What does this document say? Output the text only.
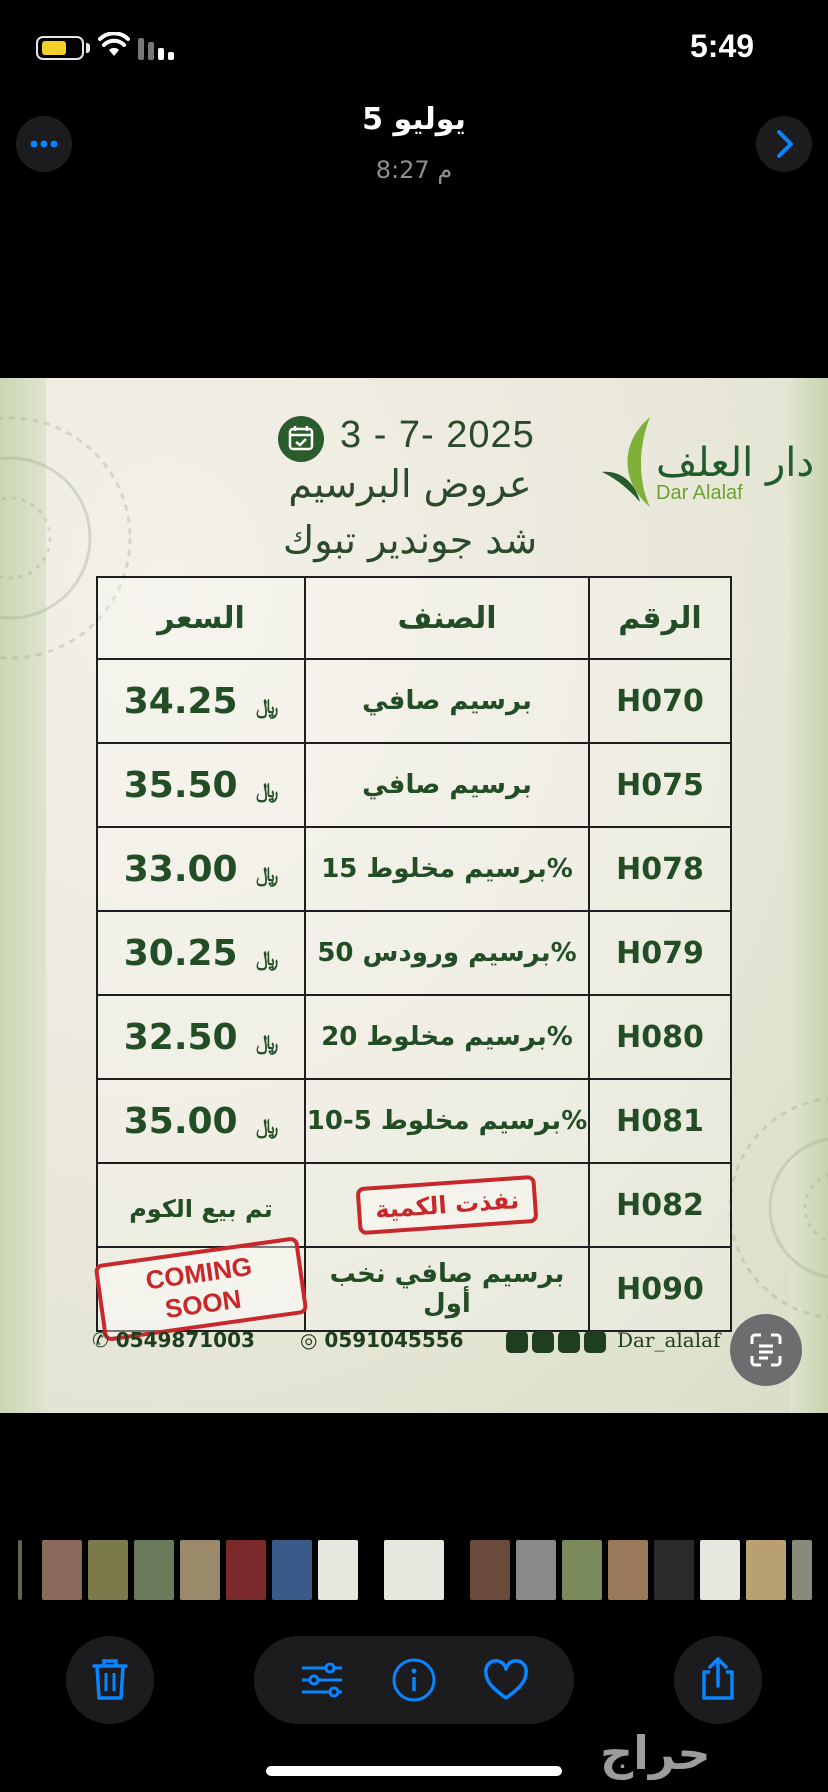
5:49
5 يوليو
8:27 م
دار العلف
Dar Alalaf
3 - 7- 2025
عروض البرسيم
شد جوندير تبوك
السعر	الصنف	الرقم
﷼ 34.25	برسيم صافي	H070
﷼ 35.50	برسيم صافي	H075
﷼ 33.00	برسيم مخلوط 15%	H078
﷼ 30.25	برسيم ورودس 50%	H079
﷼ 32.50	برسيم مخلوط 20%	H080
﷼ 35.00	برسيم مخلوط 5-10%	H081
تم بيع الكوم	نفذت الكمية	H082
COMING SOON	برسيم صافي نخب أول	H090
✆ 0549871003 ◎ 0591045556	Dar_alalaf
حراج
